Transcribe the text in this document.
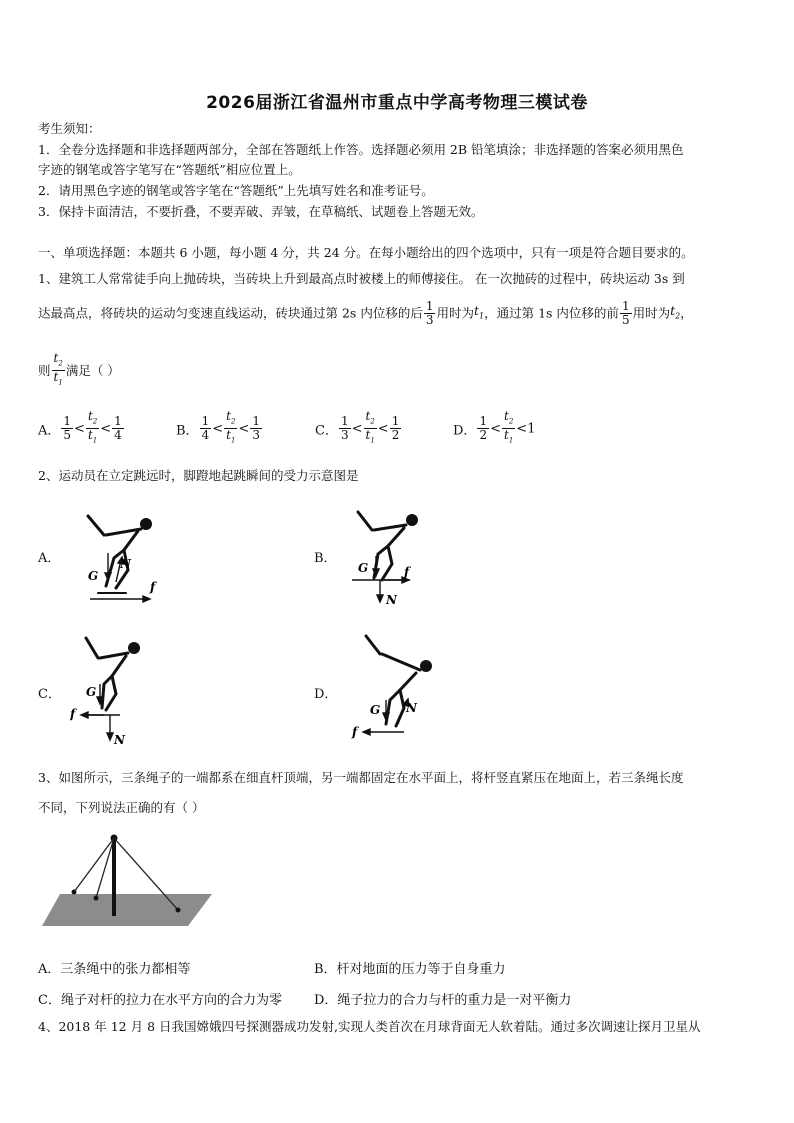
2026届浙江省温州市重点中学高考物理三模试卷
考生须知：
1．全卷分选择题和非选择题两部分，全部在答题纸上作答。选择题必须用 2B 铅笔填涂；非选择题的答案必须用黑色
字迹的钢笔或答字笔写在“答题纸”相应位置上。
2．请用黑色字迹的钢笔或答字笔在“答题纸”上先填写姓名和准考证号。
3．保持卡面清洁，不要折叠，不要弄破、弄皱，在草稿纸、试题卷上答题无效。
一、单项选择题：本题共 6 小题，每小题 4 分，共 24 分。在每小题给出的四个选项中，只有一项是符合题目要求的。
1、建筑工人常常徒手向上抛砖块，当砖块上升到最高点时被楼上的师傅接住。 在一次抛砖的过程中，砖块运动 3s 到
达最高点，将砖块的运动匀变速直线运动，砖块通过第 2s 内位移的后 $\frac{1}{3}$ 用时为$t_1$，通过第 1s 内位移的前 $\frac{1}{5}$ 用时为$t_2$，
则 $\frac{t_2}{t_1}$ 满足（ ）
A． $\frac{1}{5} < \frac{t_2}{t_1} < \frac{1}{4}$	B． $\frac{1}{4} < \frac{t_2}{t_1} < \frac{1}{3}$	C． $\frac{1}{3} < \frac{t_2}{t_1} < \frac{1}{2}$	D． $\frac{1}{2} < \frac{t_2}{t_1} <1$
2、运动员在立定跳远时，脚蹬地起跳瞬间的受力示意图是
A．	B．
C．	D．
G
N
f
G
N
f
G
N
f	G N
f
3、如图所示，三条绳子的一端都系在细直杆顶端，另一端都固定在水平面上，将杆竖直紧压在地面上，若三条绳长度
不同，下列说法正确的有（ ）
A．三条绳中的张力都相等	B．杆对地面的压力等于自身重力
C．绳子对杆的拉力在水平方向的合力为零 D．绳子拉力的合力与杆的重力是一对平衡力
4、2018 年 12 月 8 日我国嫦娥四号探测器成功发射,实现人类首次在月球背面无人软着陆。通过多次调速让探月卫星从
